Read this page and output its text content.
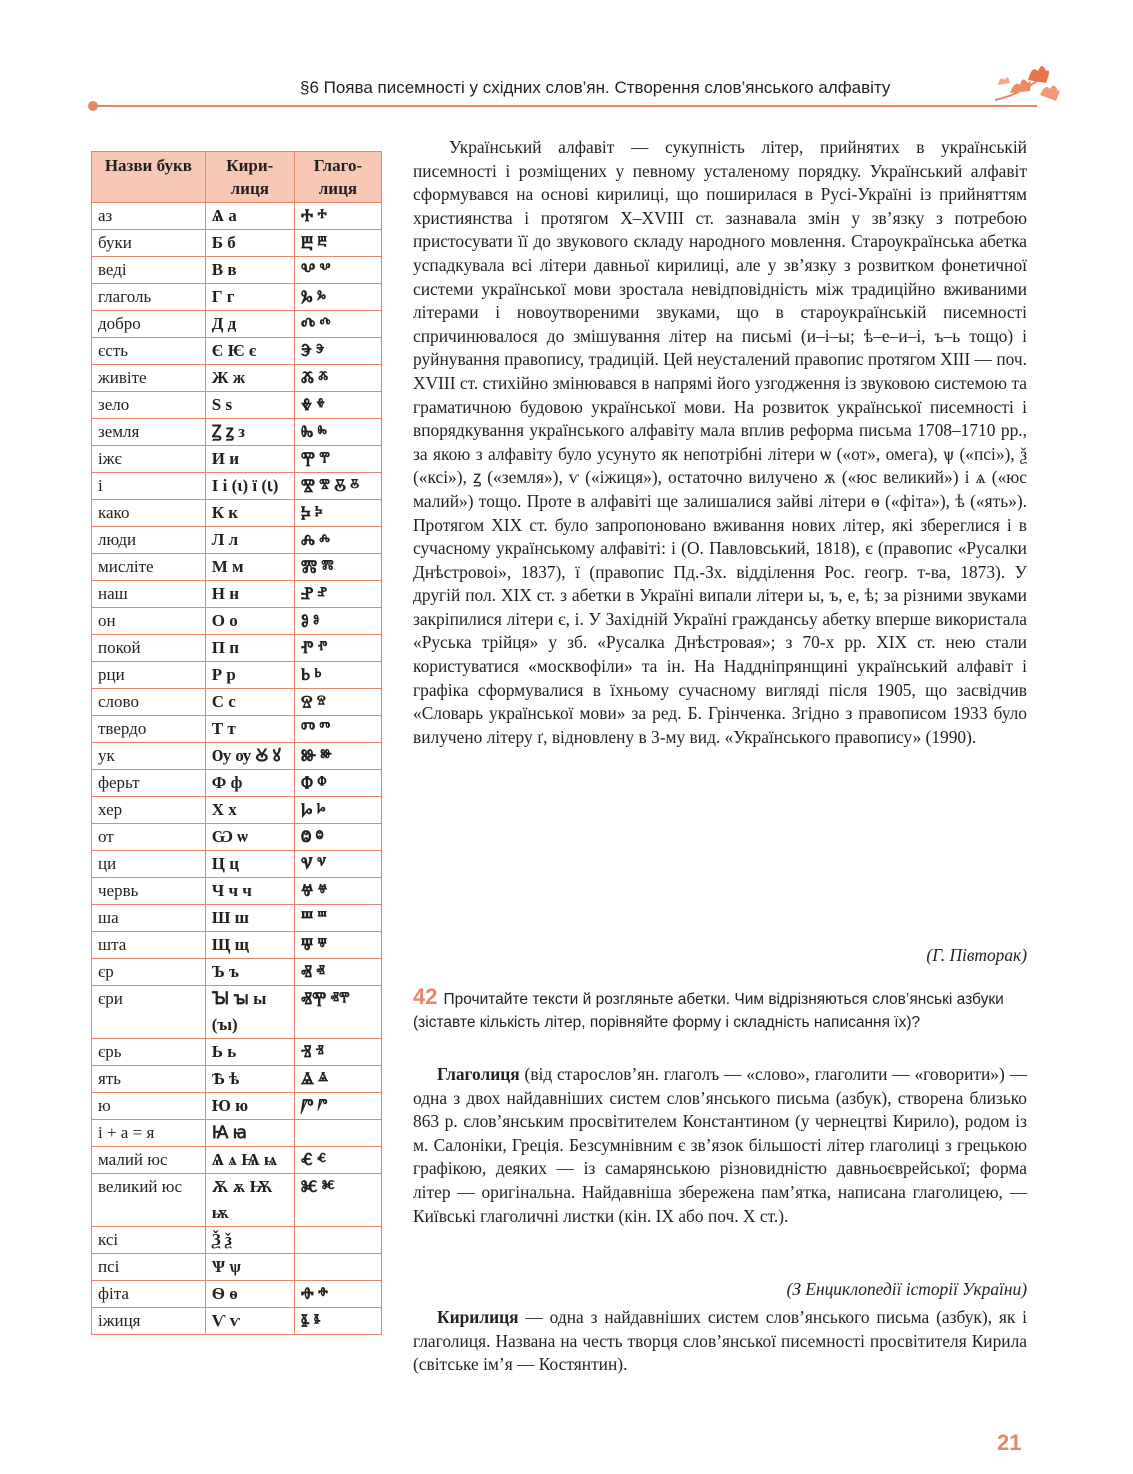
§6 Поява писемності у східних слов’ян. Створення слов’янського алфавіту
Назви букв	Кири-лиця	Глаго-лиця
аз	Ѧ а	Ⰰ ⰰ
буки	Б б	Ⰱ ⰱ
веді	В в	Ⰲ ⰲ
глаголь	Г г	Ⰳ ⰳ
добро	Д д	Ⰴ ⰴ
єсть	Є Ѥ є	Ⰵ ⰵ
живіте	Ж ж	Ⰶ ⰶ
зело	Ѕ ѕ	Ⰷ ⰷ
земля	Ꙁ ꙁ з	Ⰸ ⰸ
іжє	И и	Ⰹ ⰹ
і	І і (ι) ї (ꙇ)	Ⰺ ⰺ Ⰻ ⰻ
како	К к	Ⰽ ⰽ
люди	Л л	Ⰾ ⰾ
мисліте	М м	Ⰿ ⰿ
наш	Н н	Ⱀ ⱀ
он	О о	Ⱁ ⱁ
покой	П п	Ⱂ ⱂ
рци	Р р	Ⱃ ⱃ
слово	С с	Ⱄ ⱄ
твердо	Т т	Ⱅ ⱅ
ук	Ѹ ѹ Ꙋ ꙋ	Ⱆ ⱆ
ферьт	Ф ф	Ⱇ ⱇ
хер	Х х	Ⱈ ⱈ
от	Ѡ ѡ	Ⱉ ⱉ
ци	Ц ц	Ⱌ ⱌ
червь	Ч ч ч	Ⱍ ⱍ
ша	Ш ш	Ⱎ ⱎ
шта	Щ щ	Ⱋ ⱋ
єр	Ъ ъ	Ⱏ ⱏ
єри	Ꙑ ꙑ ы (ъı)	ⰟⰉ ⱏⰹ
єрь	Ь ь	Ⱐ ⱐ
ять	Ѣ ѣ	Ⱑ ⱑ
ю	Ю ю	Ⱓ ⱓ
і + а = я	Ꙗ ꙗ	
малий юс	Ѧ ѧ Ѩ ѩ	Ⱔ ⱔ
великий юс	Ѫ ѫ Ѭ ѭ	Ⱘ ⱘ
ксі	Ѯ ѯ	
псі	Ѱ ѱ	
фіта	Ѳ ѳ	Ⱚ ⱚ
іжиця	Ѵ ѵ	Ⱛ ⱛ
Український алфавіт — сукупність літер, прийнятих в українській писемності і розміщених у певному усталеному порядку. Український алфавіт сформувався на основі кирилиці, що поширилася в Русі-Україні із прийняттям християнства і протягом X–XVIII ст. зазнавала змін у зв’язку з потребою пристосувати її до звукового складу народного мовлення. Староукраїнська абетка успадкувала всі літери давньої кирилиці, але у зв’язку з розвитком фонетичної системи української мови зростала невідповідність між традиційно вживаними літерами і новоутвореними звуками, що в староукраїнській писемності спричинювалося до змішування літер на письмі (и–і–ы; ѣ–е–и–і, ъ–ь тощо) і руйнування правопису, традицій. Цей неусталений правопис протягом XIII — поч. XVIII ст. стихійно змінювався в напрямі його узгодження із звуковою системою та граматичною будовою української мови. На розвиток української писемності і впорядкування українського алфавіту мала вплив реформа письма 1708–1710 рр., за якою з алфавіту було усунуто як непотрібні літери ѡ («от», омега), ѱ («псі»), ѯ («ксі»), ꙁ («земля»), ѵ («іжиця»), остаточно вилучено ѫ («юс великий») і ѧ («юс малий») тощо. Проте в алфавіті ще залишалися зайві літери ѳ («фіта»), ѣ («ять»). Протягом XIX ст. було запропоновано вживання нових літер, які збереглися і в сучасному українському алфавіті: і (О. Павловський, 1818), є (правопис «Русалки Днѣстровоі», 1837), ї (правопис Пд.-Зх. відділення Рос. геогр. т-ва, 1873). У другій пол. XIX ст. з абетки в Україні випали літери ы, ъ, е, ѣ; за різними звуками закріпилися літери є, і. У Західній Україні граждансьу абетку вперше використала «Руська трійця» у зб. «Русалка Днѣстровая»; з 70-х рр. XIX ст. нею стали користуватися «москвофіли» та ін. На Наддніпрянщині український алфавіт і графіка сформувалися в їхньому сучасному вигляді після 1905, що засвідчив «Словарь української мови» за ред. Б. Грінченка. Згідно з правописом 1933 було вилучено літеру ґ, відновлену в 3-му вид. «Українського правопису» (1990).
(Г. Півторак)
42 Прочитайте тексти й розгляньте абетки. Чим відрізняються слов’янські азбуки (зіставте кількість літер, порівняйте форму і складність написання їх)?
Глаголиця (від старослов’ян. глаголъ — «слово», глаголити — «говорити») — одна з двох найдавніших систем слов’янського письма (азбук), створена близько 863 р. слов’янським просвітителем Константином (у чернецтві Кирило), родом із м. Салоніки, Греція. Безсумнівним є зв’язок більшості літер глаголиці з грецькою графікою, деяких — із самарянською різновидністю давньоєврейської; форма літер — оригінальна. Найдавніша збережена пам’ятка, написана глаголицею, — Київські глаголичні листки (кін. IX або поч. X ст.).
(З Енциклопедії історії України)
Кирилиця — одна з найдавніших систем слов’янського письма (азбук), як і глаголиця. Названа на честь творця слов’янської писемності просвітителя Кирила (світське ім’я — Костянтин).
21
